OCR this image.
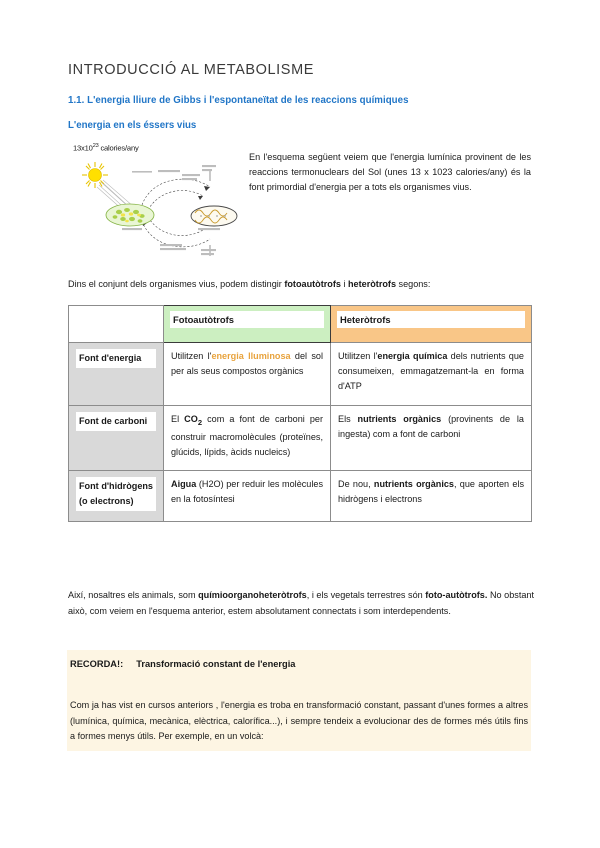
INTRODUCCIÓ AL METABOLISME
1.1. L'energia lliure de Gibbs i l'espontaneïtat de les reaccions químiques
L'energia en els éssers vius
$13x10^{23}$ calories/any
En l'esquema següent veiem que l'energia lumínica provinent de les reaccions termonuclears del Sol (unes 13 x 1023 calories/any) és la font primordial d'energia per a tots els organismes vius.
Dins el conjunt dels organismes vius, podem distingir fotoautòtrofs i heteròtrofs segons:

	Fotoautòtrofs	Heteròtrofs

Font d'energia	Utilitzen l'energia lluminosa del sol per als seus compostos orgànics	Utilitzen l'energia química dels nutrients que consumeixen, emmagatzemant-la en forma d'ATP

Font de carboni	El $CO_2$ com a font de carboni per construir macromolècules (proteïnes, glúcids, lípids, àcids nucleics)	Els nutrients orgànics (provinents de la ingesta) com a font de carboni

Font d'hidrògens (o electrons)	Aigua (H2O) per reduir les molècules en la fotosíntesi	De nou, nutrients orgànics, que aporten els hidrògens i electrons
Així, nosaltres els animals, som químioorganoheteròtrofs, i els vegetals terrestres són foto-autòtrofs. No obstant això, com veiem en l'esquema anterior, estem absolutament connectats i som interdependents.
RECORDA!: Transformació constant de l'energia
Com ja has vist en cursos anteriors , l'energia es troba en transformació constant, passant d'unes formes a altres (lumínica, química, mecànica, elèctrica, calorífica...), i sempre tendeix a evolucionar des de formes més útils fins a formes menys útils. Per exemple, en un volcà:
